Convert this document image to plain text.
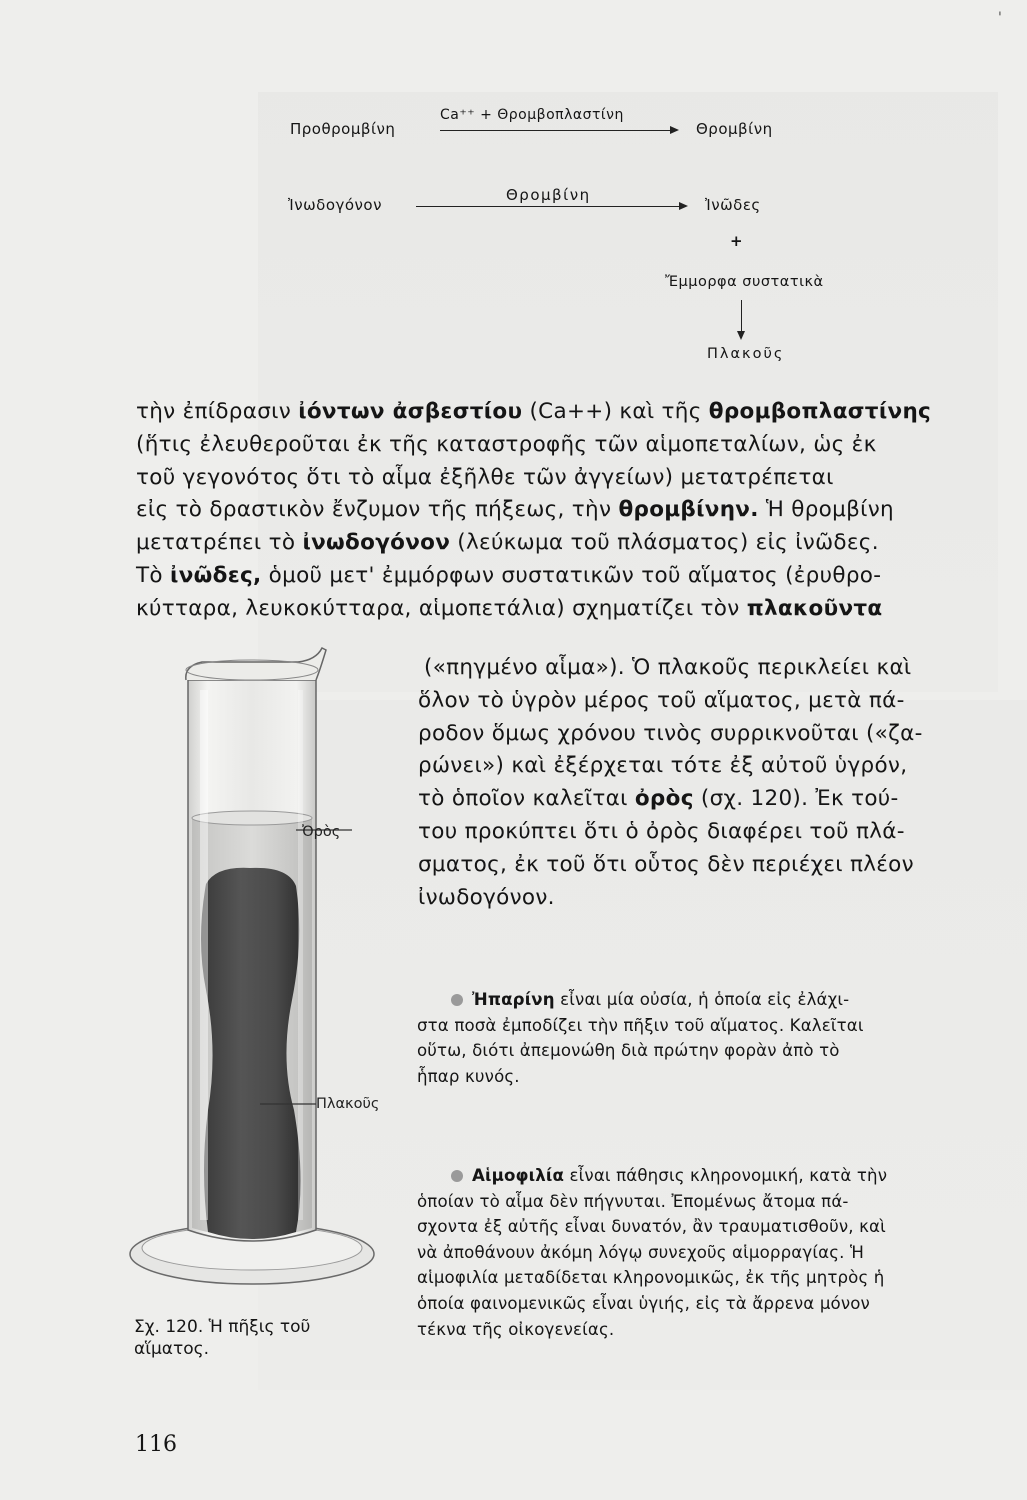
'
Προθρομβίνη
Ca⁺⁺ + Θρομβοπλαστίνη
Θρομβίνη
Ἰνωδογόνον
Θρομβίνη
Ἰνῶδες
+
Ἔμμορφα συστατικὰ
Πλακοῦς
τὴν ἐπίδρασιν ἰόντων ἀσβεστίου (Ca++) καὶ τῆς θρομβοπλαστίνης
(ἥτις ἐλευθεροῦται ἐκ τῆς καταστροφῆς τῶν αἱμοπεταλίων, ὡς ἐκ
τοῦ γεγονότος ὅτι τὸ αἷμα ἐξῆλθε τῶν ἀγγείων) μετατρέπεται
εἰς τὸ δραστικὸν ἔνζυμον τῆς πήξεως, τὴν θρομβίνην. Ἡ θρομβίνη
μετατρέπει τὸ ἰνωδογόνον (λεύκωμα τοῦ πλάσματος) εἰς ἰνῶδες.
Τὸ ἰνῶδες, ὁμοῦ μετ' ἐμμόρφων συστατικῶν τοῦ αἵματος (ἐρυθρο-
κύτταρα, λευκοκύτταρα, αἱμοπετάλια) σχηματίζει τὸν πλακοῦντα
(«πηγμένο αἷμα»). Ὁ πλακοῦς περικλείει καὶ
ὅλον τὸ ὑγρὸν μέρος τοῦ αἵματος, μετὰ πά-
ροδον ὅμως χρόνου τινὸς συρρικνοῦται («ζα-
ρώνει») καὶ ἐξέρχεται τότε ἐξ αὐτοῦ ὑγρόν,
τὸ ὁποῖον καλεῖται ὀρὸς (σχ. 120). Ἐκ τού-
του προκύπτει ὅτι ὁ ὀρὸς διαφέρει τοῦ πλά-
σματος, ἐκ τοῦ ὅτι οὗτος δὲν περιέχει πλέον
ἰνωδογόνον.
Ὀρὸς
Πλακοῦς
Σχ. 120. Ἡ πῆξις τοῦ
αἵματος.
Ἠπαρίνη εἶναι μία οὐσία, ἡ ὁποία εἰς ἐλάχι-
στα ποσὰ ἐμποδίζει τὴν πῆξιν τοῦ αἵματος. Καλεῖται
οὕτω, διότι ἀπεμονώθη διὰ πρώτην φορὰν ἀπὸ τὸ
ἧπαρ κυνός.
Αἱμοφιλία εἶναι πάθησις κληρονομική, κατὰ τὴν
ὁποίαν τὸ αἷμα δὲν πήγνυται. Ἐπομένως ἄτομα πά-
σχοντα ἐξ αὐτῆς εἶναι δυνατόν, ἂν τραυματισθοῦν, καὶ
νὰ ἀποθάνουν ἀκόμη λόγῳ συνεχοῦς αἱμορραγίας. Ἡ
αἱμοφιλία μεταδίδεται κληρονομικῶς, ἐκ τῆς μητρὸς ἡ
ὁποία φαινομενικῶς εἶναι ὑγιής, εἰς τὰ ἄρρενα μόνον
τέκνα τῆς οἰκογενείας.
116
